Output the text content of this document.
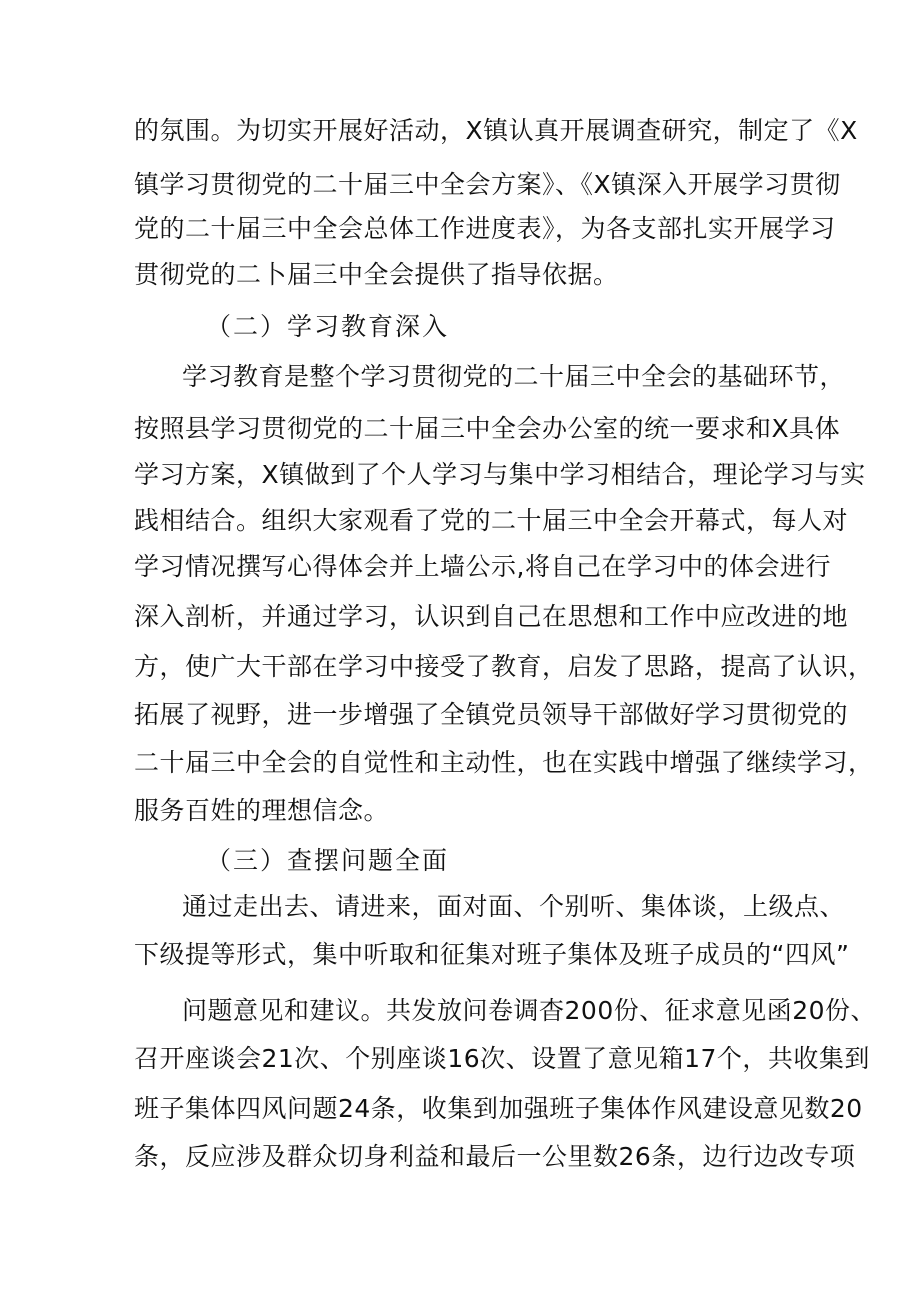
的氛围。为切实开展好活动，X镇认真开展调查研究，制定了《X
镇学习贯彻党的二十届三中全会方案》、《X镇深入开展学习贯彻
党的二十届三中全会总体工作进度表》，为各支部扎实开展学习
贯彻党的二卜届三中全会提供了指导依据。
（二）学习教育深入
学习教育是整个学习贯彻党的二十届三中全会的基础环节，
按照县学习贯彻党的二十届三中全会办公室的统一要求和X具体
学习方案，X镇做到了个人学习与集中学习相结合，理论学习与实
践相结合。组织大家观看了党的二十届三中全会开幕式，每人对
学习情况撰写心得体会并上墙公示,将自己在学习中的体会进行
深入剖析，并通过学习，认识到自己在思想和工作中应改进的地
方，使广大干部在学习中接受了教育，启发了思路，提高了认识，
拓展了视野，进一步增强了全镇党员领导干部做好学习贯彻党的
二十届三中全会的自觉性和主动性，也在实践中增强了继续学习，
服务百姓的理想信念。
（三）查摆问题全面
通过走出去、请进来，面对面、个别听、集体谈，上级点、
下级提等形式，集中听取和征集对班子集体及班子成员的“四风”
问题意见和建议。共发放问卷调杳200份、征求意见函20份、
召开座谈会21次、个别座谈16次、设置了意见箱17个，共收集到
班子集体四风问题24条，收集到加强班子集体作风建设意见数20
条，反应涉及群众切身利益和最后一公里数26条，边行边改专项
